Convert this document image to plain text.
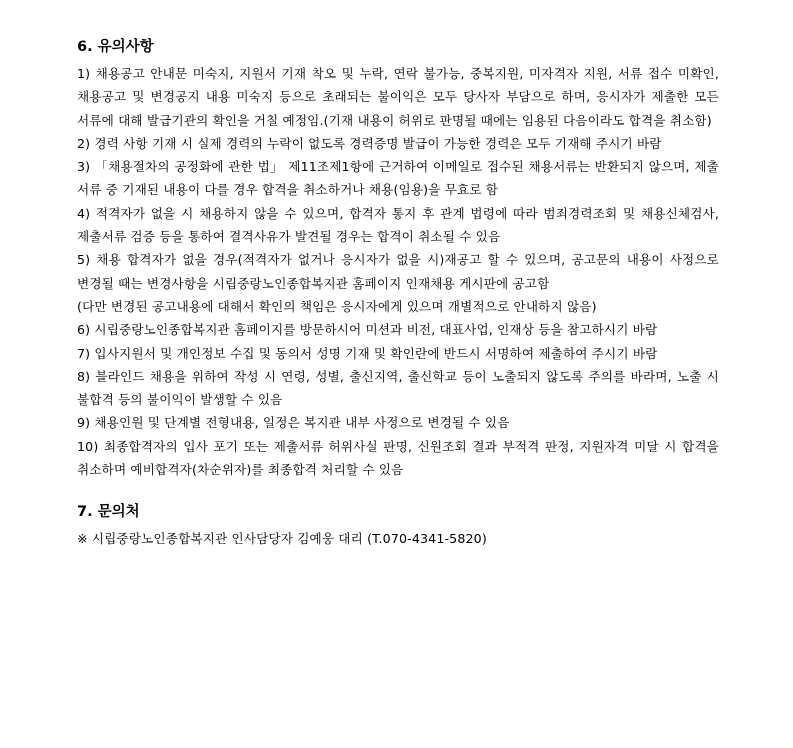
6. 유의사항

1) 채용공고 안내문 미숙지, 지원서 기재 착오 및 누락, 연락 불가능, 중복지원, 미자격자 지원, 서류 접수 미확인, 채용공고 및 변경공지 내용 미숙지 등으로 초래되는 불이익은 모두 당사자 부담으로 하며, 응시자가 제출한 모든 서류에 대해 발급기관의 확인을 거칠 예정임.(기재 내용이 허위로 판명될 때에는 임용된 다음이라도 합격을 취소함)

2) 경력 사항 기재 시 실제 경력의 누락이 없도록 경력증명 발급이 가능한 경력은 모두 기재해 주시기 바람

3) 「채용절차의 공정화에 관한 법」 제11조제1항에 근거하여 이메일로 접수된 채용서류는 반환되지 않으며, 제출 서류 중 기재된 내용이 다를 경우 합격을 취소하거나 채용(임용)을 무효로 함

4) 적격자가 없을 시 채용하지 않을 수 있으며, 합격자 통지 후 관계 법령에 따라 범죄경력조회 및 채용신체검사, 제출서류 검증 등을 통하여 결격사유가 발견될 경우는 합격이 취소될 수 있음

5) 채용 합격자가 없을 경우(적격자가 없거나 응시자가 없을 시)재공고 할 수 있으며, 공고문의 내용이 사정으로 변경될 때는 변경사항을 시립중랑노인종합복지관 홈페이지 인재채용 게시판에 공고함

(다만 변경된 공고내용에 대해서 확인의 책임은 응시자에게 있으며 개별적으로 안내하지 않음)

6) 시립중랑노인종합복지관 홈페이지를 방문하시어 미션과 비전, 대표사업, 인재상 등을 참고하시기 바람

7) 입사지원서 및 개인정보 수집 및 동의서 성명 기재 및 확인란에 반드시 서명하여 제출하여 주시기 바람

8) 블라인드 채용을 위하여 작성 시 연령, 성별, 출신지역, 출신학교 등이 노출되지 않도록 주의를 바라며, 노출 시 불합격 등의 불이익이 발생할 수 있음

9) 채용인원 및 단계별 전형내용, 일정은 복지관 내부 사정으로 변경될 수 있음

10) 최종합격자의 입사 포기 또는 제출서류 허위사실 판명, 신원조회 결과 부적격 판정, 지원자격 미달 시 합격을 취소하며 예비합격자(차순위자)를 최종합격 처리할 수 있음

7. 문의처

※ 시립중랑노인종합복지관 인사담당자 김예웅 대리 (T.070-4341-5820)
